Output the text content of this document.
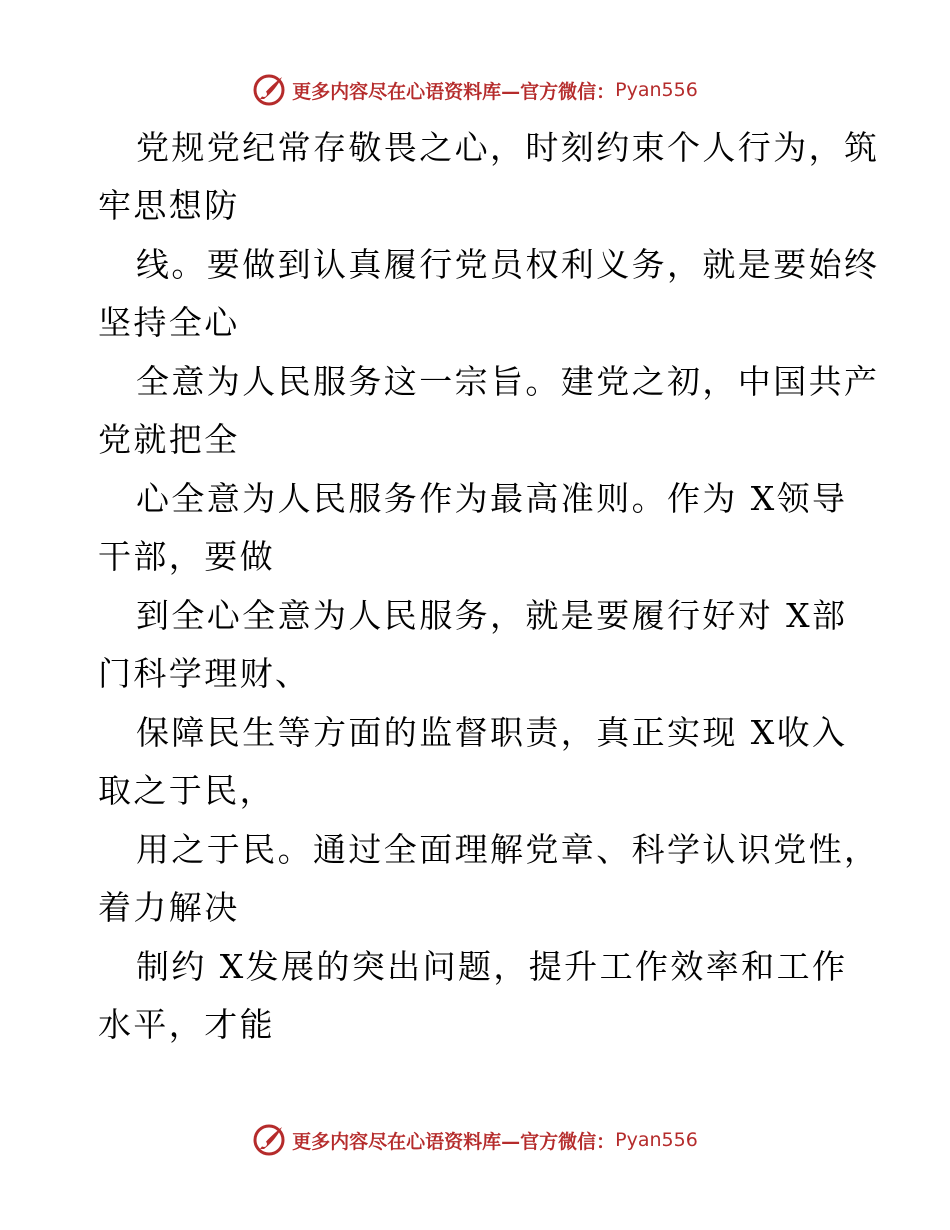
更多内容尽在心语资料库—官方微信： Pyan556
党规党纪常存敬畏之心，时刻约束个人行为，筑
牢思想防
线。要做到认真履行党员权利义务，就是要始终
坚持全心
全意为人民服务这一宗旨。建党之初，中国共产
党就把全
心全意为人民服务作为最高准则。作为 X领导
干部，要做
到全心全意为人民服务，就是要履行好对 X部
门科学理财、
保障民生等方面的监督职责，真正实现 X收入
取之于民，
用之于民。通过全面理解党章、科学认识党性，
着力解决
制约 X发展的突出问题，提升工作效率和工作
水平，才能
更多内容尽在心语资料库—官方微信： Pyan556
